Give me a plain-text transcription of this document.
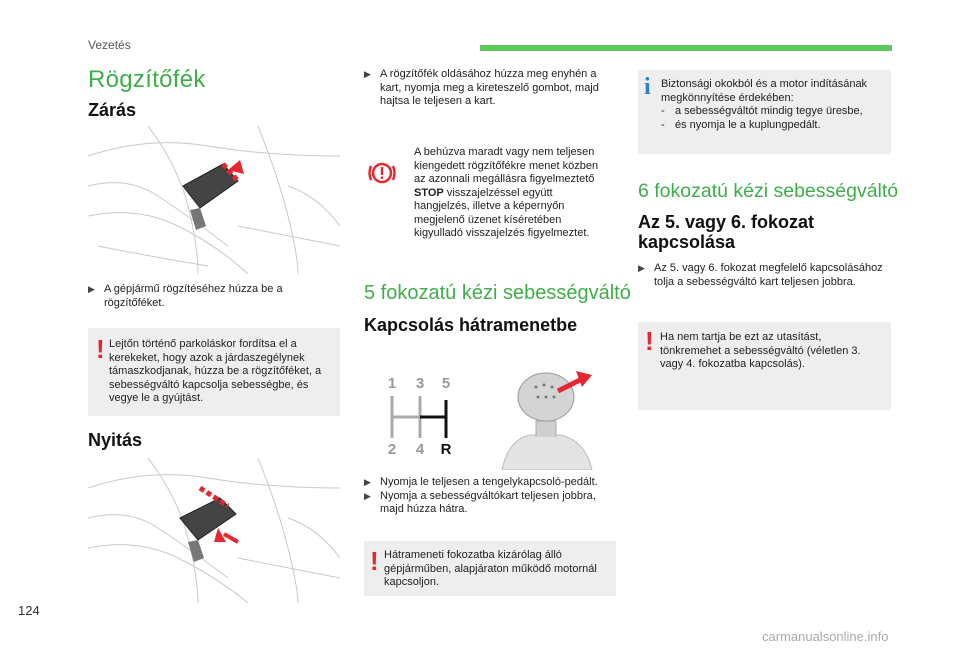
Vezetés
Rögzítőfék
Zárás
▶ A gépjármű rögzítéséhez húzza be a rögzítőféket.
! Lejtőn történő parkoláskor fordítsa el a kerekeket, hogy azok a járdaszegélynek támaszkodjanak, húzza be a rögzítőféket, a sebességváltó kapcsolja sebességbe, és vegye le a gyújtást.
Nyitás
▶ A rögzítőfék oldásához húzza meg enyhén a kart, nyomja meg a kireteszelő gombot, majd hajtsa le teljesen a kart.
A behúzva maradt vagy nem teljesen kiengedett rögzítőfékre menet közben az azonnali megállásra figyelmeztető STOP visszajelzéssel együtt hangjelzés, illetve a képernyőn megjelenő üzenet kíséretében kigyulladó visszajelzés figyelmeztet.
5 fokozatú kézi sebességváltó
Kapcsolás hátramenetbe
1 3 5
2 4 R
▶ Nyomja le teljesen a tengelykapcsoló-pedált.
▶ Nyomja a sebességváltókart teljesen jobbra, majd húzza hátra.
! Hátrameneti fokozatba kizárólag álló gépjárműben, alapjáraton működő motornál kapcsoljon.
i Biztonsági okokból és a motor indításának megkönnyítése érdekében:
- a sebességváltót mindig tegye üresbe,
- és nyomja le a kuplungpedált.
6 fokozatú kézi sebességváltó
Az 5. vagy 6. fokozat kapcsolása
▶ Az 5. vagy 6. fokozat megfelelő kapcsolásához tolja a sebességváltó kart teljesen jobbra.
! Ha nem tartja be ezt az utasítást, tönkremehet a sebességváltó (véletlen 3. vagy 4. fokozatba kapcsolás).
124
carmanualsonline.info
